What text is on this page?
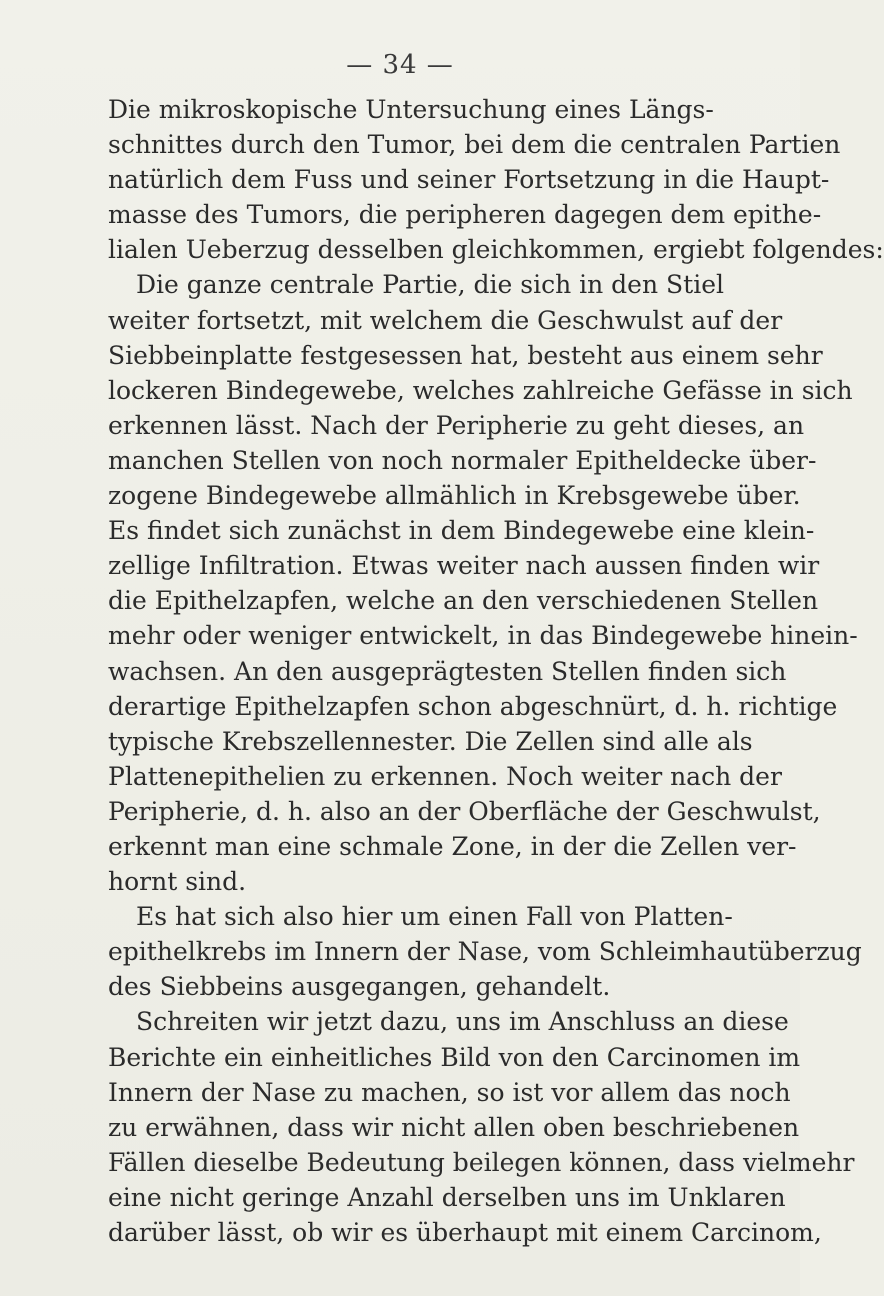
— 34 —
Die mikroskopische Untersuchung eines Längs-
schnittes durch den Tumor, bei dem die centralen Partien
natürlich dem Fuss und seiner Fortsetzung in die Haupt-
masse des Tumors, die peripheren dagegen dem epithe-
lialen Ueberzug desselben gleichkommen, ergiebt folgendes:
Die ganze centrale Partie, die sich in den Stiel
weiter fortsetzt, mit welchem die Geschwulst auf der
Siebbeinplatte festgesessen hat, besteht aus einem sehr
lockeren Bindegewebe, welches zahlreiche Gefässe in sich
erkennen lässt. Nach der Peripherie zu geht dieses, an
manchen Stellen von noch normaler Epitheldecke über-
zogene Bindegewebe allmählich in Krebsgewebe über.
Es findet sich zunächst in dem Bindegewebe eine klein-
zellige Infiltration. Etwas weiter nach aussen finden wir
die Epithelzapfen, welche an den verschiedenen Stellen
mehr oder weniger entwickelt, in das Bindegewebe hinein-
wachsen. An den ausgeprägtesten Stellen finden sich
derartige Epithelzapfen schon abgeschnürt, d. h. richtige
typische Krebszellennester. Die Zellen sind alle als
Plattenepithelien zu erkennen. Noch weiter nach der
Peripherie, d. h. also an der Oberfläche der Geschwulst,
erkennt man eine schmale Zone, in der die Zellen ver-
hornt sind.
Es hat sich also hier um einen Fall von Platten-
epithelkrebs im Innern der Nase, vom Schleimhautüberzug
des Siebbeins ausgegangen, gehandelt.
Schreiten wir jetzt dazu, uns im Anschluss an diese
Berichte ein einheitliches Bild von den Carcinomen im
Innern der Nase zu machen, so ist vor allem das noch
zu erwähnen, dass wir nicht allen oben beschriebenen
Fällen dieselbe Bedeutung beilegen können, dass vielmehr
eine nicht geringe Anzahl derselben uns im Unklaren
darüber lässt, ob wir es überhaupt mit einem Carcinom,
